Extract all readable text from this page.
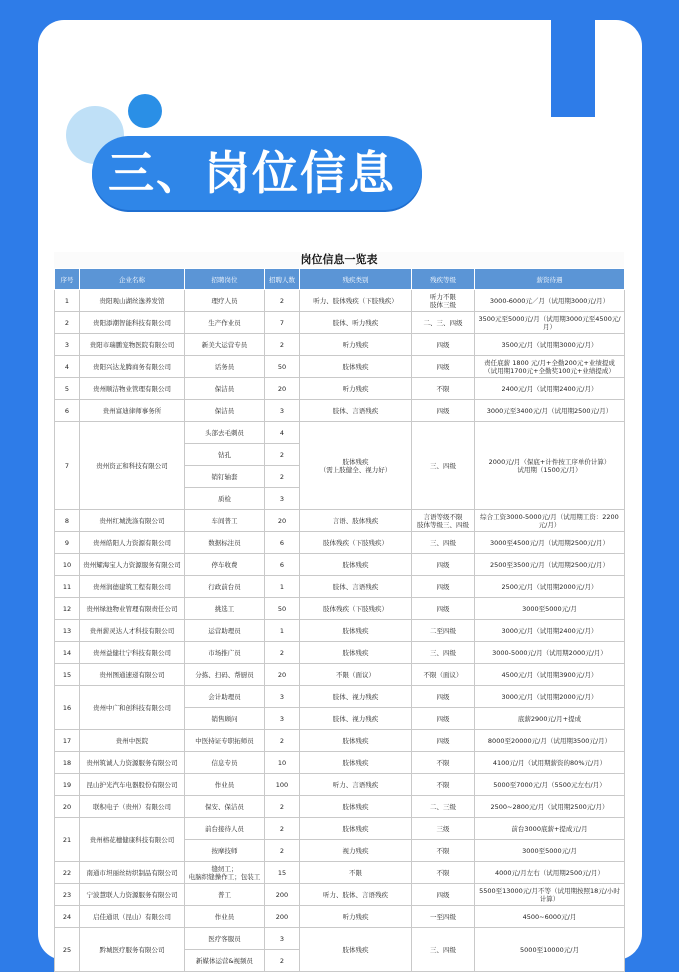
三、岗位信息
岗位信息一览表
序号	企业名称	招聘岗位	招聘人数	残疾类别	残疾等级	薪资待遇
1	贵阳观山湖丝逸养发馆	理疗人员	2	听力、肢体残疾（下肢残疾）	听力不限
肢体三级	3000-6000元／月（试用期3000元/月）
2	贵阳添潮智能科技有限公司	生产作业员	7	肢体、听力残疾	二、三、四级	3500元至5000元/月（试用期3000元至4500元/月）
3	贵阳市瑞鹏宠物医院有限公司	新美大运营专员	2	听力残疾	四级	3500元/月（试用期3000元/月）
4	贵阳兴达龙腾商务有限公司	话务员	50	肢体残疾	四级	责任底薪 1800 元/月+全勤200元+业绩提成
（试用期1700元+全勤奖100元+业绩提成）
5	贵州顺洁物业管理有限公司	保洁员	20	听力残疾	不限	2400元/月（试用期2400元/月）
6	贵州富迪律师事务所	保洁员	3	肢体、言语残疾	四级	3000元至3400元/月（试用期2500元/月）
7	贵州资正和科技有限公司	头部去毛刺员	4	肢体残疾
（需上肢健全、视力好）	三、四级	2000元/月（保底+计件按工序单价计算）
试用期（1500元/月）
		钻孔	2			
		销钉轴套	2			
		质检	3			
8	贵州红城洗涤有限公司	车间普工	20	言语、肢体残疾	言语等级不限
肢体等级三、四级	综合工资3000-5000元/月（试用期工资：2200元/月）
9	贵州皓阳人力资源有限公司	数据标注员	6	肢体残疾（下肢残疾）	三、四级	3000至4500元/月（试用期2500元/月）
10	贵州耀海宝人力资源服务有限公司	停车收费	6	肢体残疾	四级	2500至3500元/月（试用期2500元/月）
11	贵州润德建筑工程有限公司	行政前台员	1	肢体、言语残疾	四级	2500元/月（试用期2000元/月）
12	贵州绿池物业管理有限责任公司	挑选工	50	肢体残疾（下肢残疾）	四级	3000至5000元/月
13	贵州薪灵达人才科技有限公司	运营助理员	1	肢体残疾	二至四级	3000元/月（试用期2400元/月）
14	贵州益健壮宁科技有限公司	市场推广员	2	肢体残疾	三、四级	3000-5000元/月（试用期2000元/月）
15	贵州图通速递有限公司	分拣、扫码、帮厨员	20	不限（面议）	不限（面议）	4500元/月（试用期3900元/月）
16	贵州中广和创科技有限公司	会计助理员	3	肢体、视力残疾	四级	3000元/月（试用期2000元/月）
		销售顾问	3	肢体、视力残疾	四级	底薪2900元/月+提成
17	贵州中医院	中医持证专职拓师员	2	肢体残疾	四级	8000至20000元/月（试用期3500元/月）
18	贵州筑诚人力资源服务有限公司	信息专员	10	肢体残疾	不限	4100元/月（试用期薪资的80%元/月）
19	昆山护光汽车电器股份有限公司	作业员	100	听力、言语残疾	不限	5000至7000元/月（5500元左右/月）
20	联积电子（贵州）有限公司	保安、保洁员	2	肢体残疾	二、三级	2500~2800元/月（试用期2500元/月）
21	贵州榕花穗健康科技有限公司	前台接待人员	2	肢体残疾	三级	前台3000底薪+提成元/月
		按摩技师	2	视力残疾	不限	3000至5000元/月
22	南通市坦丽丝纺织制品有限公司	缝纫工；
电脑织缝操作工；包装工	15	不限	不限	4000元/月左右（试用期2500元/月）
23	宁波慧联人力资源服务有限公司	普工	200	听力、肢体、言语残疾	四级	5500至13000元/月不等（试用期按照18元/小时计算）
24	启佳通讯（昆山）有限公司	作业员	200	听力残疾	一至四级	4500~6000元/月
25	黔城医疗服务有限公司	医疗客服员	3	肢体残疾	三、四级	5000至10000元/月
		新媒体运营&视频员	2			
